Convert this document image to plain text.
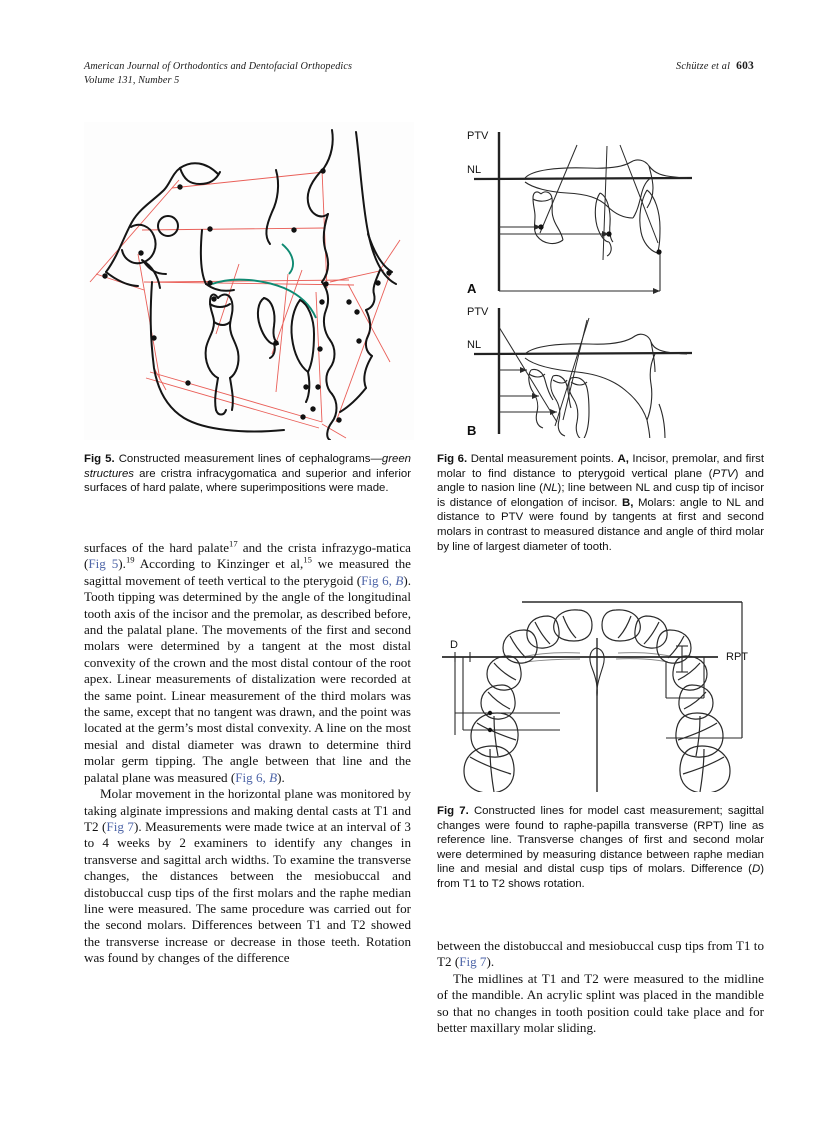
American Journal of Orthodontics and Dentofacial Orthopedics
Volume 131, Number 5
Schütze et al 603
Fig 5. Constructed measurement lines of cephalograms—green structures are cristra infracygomatica and superior and inferior surfaces of hard palate, where superimpositions were made.
PTV
NL
A
PTV
NL
B
Fig 6. Dental measurement points. A, Incisor, premolar, and first molar to find distance to pterygoid vertical plane (PTV) and angle to nasion line (NL); line between NL and cusp tip of incisor is distance of elongation of incisor. B, Molars: angle to NL and distance to PTV were found by tangents at first and second molars in contrast to measured distance and angle of third molar by line of largest diameter of tooth.
D
RPT
Fig 7. Constructed lines for model cast measurement; sagittal changes were found to raphe-papilla transverse (RPT) line as reference line. Transverse changes of first and second molar were determined by measuring distance between raphe median line and mesial and distal cusp tips of molars. Difference (D) from T1 to T2 shows rotation.

surfaces of the hard palate$^{17}$ and the crista infrazygo-matica (Fig 5).$^{19}$ According to Kinzinger et al,$^{15}$ we measured the sagittal movement of teeth vertical to the pterygoid (Fig 6, B). Tooth tipping was determined by the angle of the longitudinal tooth axis of the incisor and the premolar, as described before, and the palatal plane. The movements of the first and second molars were determined by a tangent at the most distal convexity of the crown and the most distal contour of the root apex. Linear measurements of distalization were recorded at the same point. Linear measurement of the third molars was the same, except that no tangent was drawn, and the point was located at the germ’s most distal convexity. A line on the most mesial and distal diameter was drawn to determine third molar germ tipping. The angle between that line and the palatal plane was measured (Fig 6, B).

Molar movement in the horizontal plane was monitored by taking alginate impressions and making dental casts at T1 and T2 (Fig 7). Measurements were made twice at an interval of 3 to 4 weeks by 2 examiners to identify any changes in transverse and sagittal arch widths. To examine the transverse changes, the distances between the mesiobuccal and distobuccal cusp tips of the first molars and the raphe median line were measured. The same procedure was carried out for the second molars. Differences between T1 and T2 showed the transverse increase or decrease in those teeth. Rotation was found by changes of the difference

between the distobuccal and mesiobuccal cusp tips from T1 to T2 (Fig 7).

The midlines at T1 and T2 were measured to the midline of the mandible. An acrylic splint was placed in the mandible so that no changes in tooth position could take place and for better maxillary molar sliding.
